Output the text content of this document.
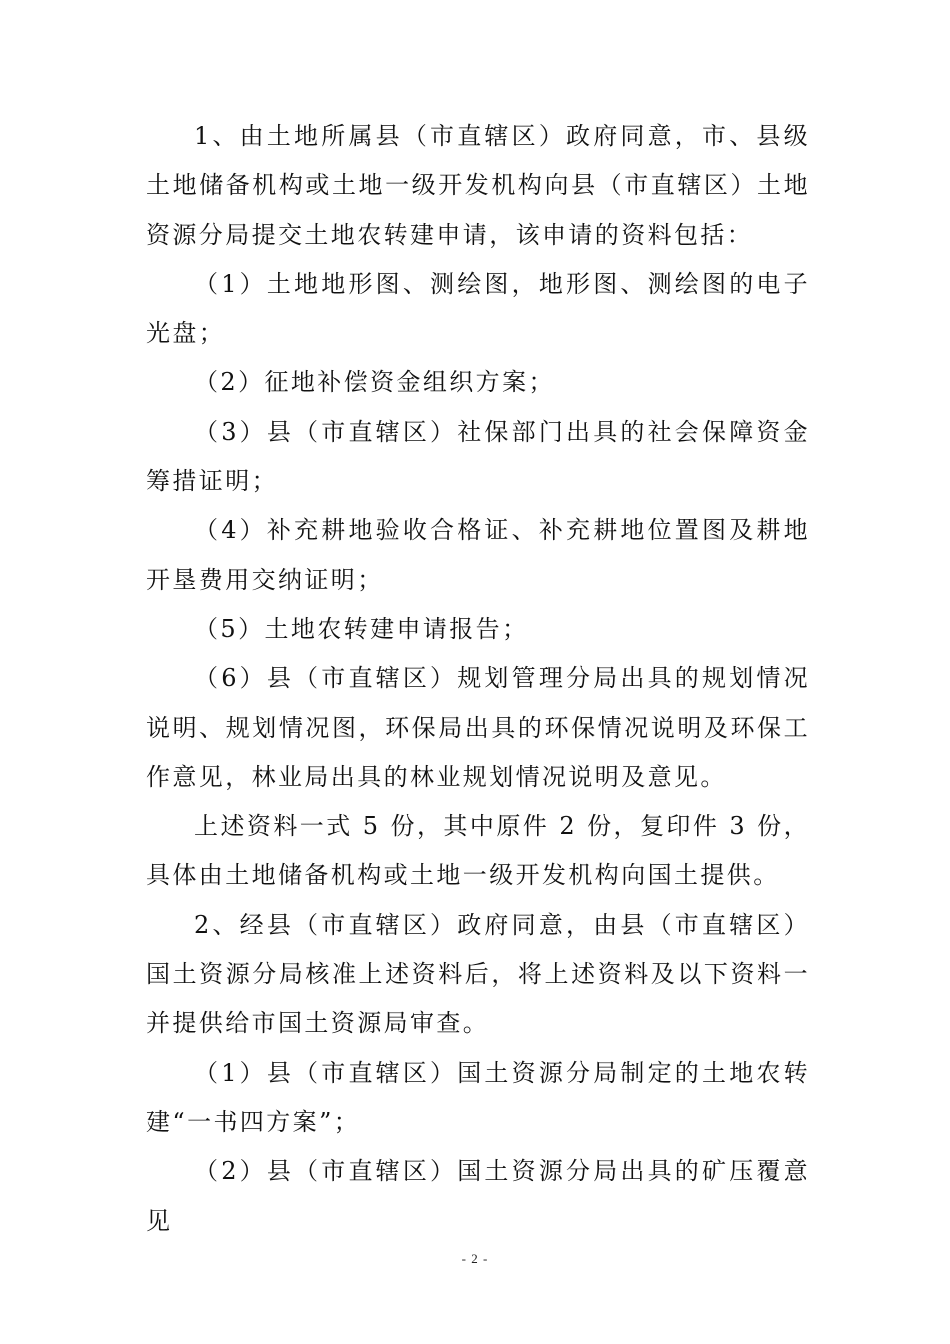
1、由土地所属县（市直辖区）政府同意，市、县级土地储备机构或土地一级开发机构向县（市直辖区）土地资源分局提交土地农转建申请，该申请的资料包括：

（1）土地地形图、测绘图，地形图、测绘图的电子光盘；

（2）征地补偿资金组织方案；

（3）县（市直辖区）社保部门出具的社会保障资金筹措证明；

（4）补充耕地验收合格证、补充耕地位置图及耕地开垦费用交纳证明；

（5）土地农转建申请报告；

（6）县（市直辖区）规划管理分局出具的规划情况说明、规划情况图，环保局出具的环保情况说明及环保工作意见，林业局出具的林业规划情况说明及意见。

上述资料一式 5 份，其中原件 2 份，复印件 3 份，具体由土地储备机构或土地一级开发机构向国土提供。

2、经县（市直辖区）政府同意，由县（市直辖区）国土资源分局核准上述资料后，将上述资料及以下资料一并提供给市国土资源局审查。

（1）县（市直辖区）国土资源分局制定的土地农转建“一书四方案”；

（2）县（市直辖区）国土资源分局出具的矿压覆意见

- 2 -
